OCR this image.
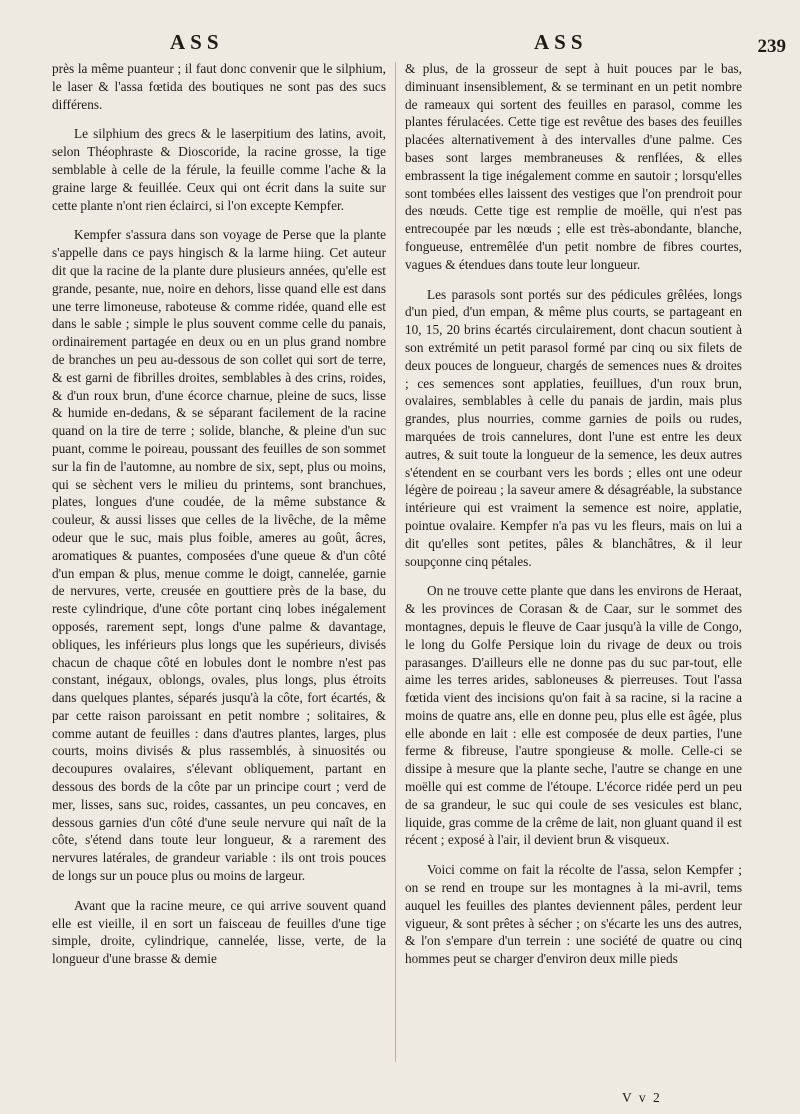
ASS	ASS	239

près la même puanteur ; il faut donc convenir que le silphium, le laser & l'assa fœtida des boutiques ne sont pas des sucs différens.

Le silphium des grecs & le laserpitium des latins, avoit, selon Théophraste & Dioscoride, la racine grosse, la tige semblable à celle de la férule, la feuille comme l'ache & la graine large & feuillée. Ceux qui ont écrit dans la suite sur cette plante n'ont rien éclairci, si l'on excepte Kempfer.

Kempfer s'assura dans son voyage de Perse que la plante s'appelle dans ce pays hingisch & la larme hiing. Cet auteur dit que la racine de la plante dure plusieurs années, qu'elle est grande, pesante, nue, noire en dehors, lisse quand elle est dans une terre limoneuse, raboteuse & comme ridée, quand elle est dans le sable ; simple le plus souvent comme celle du panais, ordinairement partagée en deux ou en un plus grand nombre de branches un peu au-dessous de son collet qui sort de terre, & est garni de fibrilles droites, semblables à des crins, roides, & d'un roux brun, d'une écorce charnue, pleine de sucs, lisse & humide en-dedans, & se séparant facilement de la racine quand on la tire de terre ; solide, blanche, & pleine d'un suc puant, comme le poireau, poussant des feuilles de son sommet sur la fin de l'automne, au nombre de six, sept, plus ou moins, qui se sèchent vers le milieu du printems, sont branchues, plates, longues d'une coudée, de la même substance & couleur, & aussi lisses que celles de la livêche, de la même odeur que le suc, mais plus foible, ameres au goût, âcres, aromatiques & puantes, composées d'une queue & d'un côté d'un empan & plus, menue comme le doigt, cannelée, garnie de nervures, verte, creusée en gouttiere près de la base, du reste cylindrique, d'une côte portant cinq lobes inégalement opposés, rarement sept, longs d'une palme & davantage, obliques, les inférieurs plus longs que les supérieurs, divisés chacun de chaque côté en lobules dont le nombre n'est pas constant, inégaux, oblongs, ovales, plus longs, plus étroits dans quelques plantes, séparés jusqu'à la côte, fort écartés, & par cette raison paroissant en petit nombre ; solitaires, & comme autant de feuilles : dans d'autres plantes, larges, plus courts, moins divisés & plus rassemblés, à sinuosités ou decoupures ovalaires, s'élevant obliquement, partant en dessous des bords de la côte par un principe court ; verd de mer, lisses, sans suc, roides, cassantes, un peu concaves, en dessous garnies d'un côté d'une seule nervure qui naît de la côte, s'étend dans toute leur longueur, & a rarement des nervures latérales, de grandeur variable : ils ont trois pouces de longs sur un pouce plus ou moins de largeur.

Avant que la racine meure, ce qui arrive souvent quand elle est vieille, il en sort un faisceau de feuilles d'une tige simple, droite, cylindrique, cannelée, lisse, verte, de la longueur d'une brasse & demie

& plus, de la grosseur de sept à huit pouces par le bas, diminuant insensiblement, & se terminant en un petit nombre de rameaux qui sortent des feuilles en parasol, comme les plantes férulacées. Cette tige est revêtue des bases des feuilles placées alternativement à des intervalles d'une palme. Ces bases sont larges membraneuses & renflées, & elles embrassent la tige inégalement comme en sautoir ; lorsqu'elles sont tombées elles laissent des vestiges que l'on prendroit pour des nœuds. Cette tige est remplie de moëlle, qui n'est pas entrecoupée par les nœuds ; elle est très-abondante, blanche, fongueuse, entremêlée d'un petit nombre de fibres courtes, vagues & étendues dans toute leur longueur.

Les parasols sont portés sur des pédicules grêlées, longs d'un pied, d'un empan, & même plus courts, se partageant en 10, 15, 20 brins écartés circulairement, dont chacun soutient à son extrémité un petit parasol formé par cinq ou six filets de deux pouces de longueur, chargés de semences nues & droites ; ces semences sont applaties, feuillues, d'un roux brun, ovalaires, semblables à celle du panais de jardin, mais plus grandes, plus nourries, comme garnies de poils ou rudes, marquées de trois cannelures, dont l'une est entre les deux autres, & suit toute la longueur de la semence, les deux autres s'étendent en se courbant vers les bords ; elles ont une odeur légère de poireau ; la saveur amere & désagréable, la substance intérieure qui est vraiment la semence est noire, applatie, pointue ovalaire. Kempfer n'a pas vu les fleurs, mais on lui a dit qu'elles sont petites, pâles & blanchâtres, & il leur soupçonne cinq pétales.

On ne trouve cette plante que dans les environs de Heraat, & les provinces de Corasan & de Caar, sur le sommet des montagnes, depuis le fleuve de Caar jusqu'à la ville de Congo, le long du Golfe Persique loin du rivage de deux ou trois parasanges. D'ailleurs elle ne donne pas du suc par-tout, elle aime les terres arides, sabloneuses & pierreuses. Tout l'assa fœtida vient des incisions qu'on fait à sa racine, si la racine a moins de quatre ans, elle en donne peu, plus elle est âgée, plus elle abonde en lait : elle est composée de deux parties, l'une ferme & fibreuse, l'autre spongieuse & molle. Celle-ci se dissipe à mesure que la plante seche, l'autre se change en une moëlle qui est comme de l'étoupe. L'écorce ridée perd un peu de sa grandeur, le suc qui coule de ses vesicules est blanc, liquide, gras comme de la crême de lait, non gluant quand il est récent ; exposé à l'air, il devient brun & visqueux.

Voici comme on fait la récolte de l'assa, selon Kempfer ; on se rend en troupe sur les montagnes à la mi-avril, tems auquel les feuilles des plantes deviennent pâles, perdent leur vigueur, & sont prêtes à sécher ; on s'écarte les uns des autres, & l'on s'empare d'un terrein : une société de quatre ou cinq hommes peut se charger d'environ deux mille pieds

V v 2
